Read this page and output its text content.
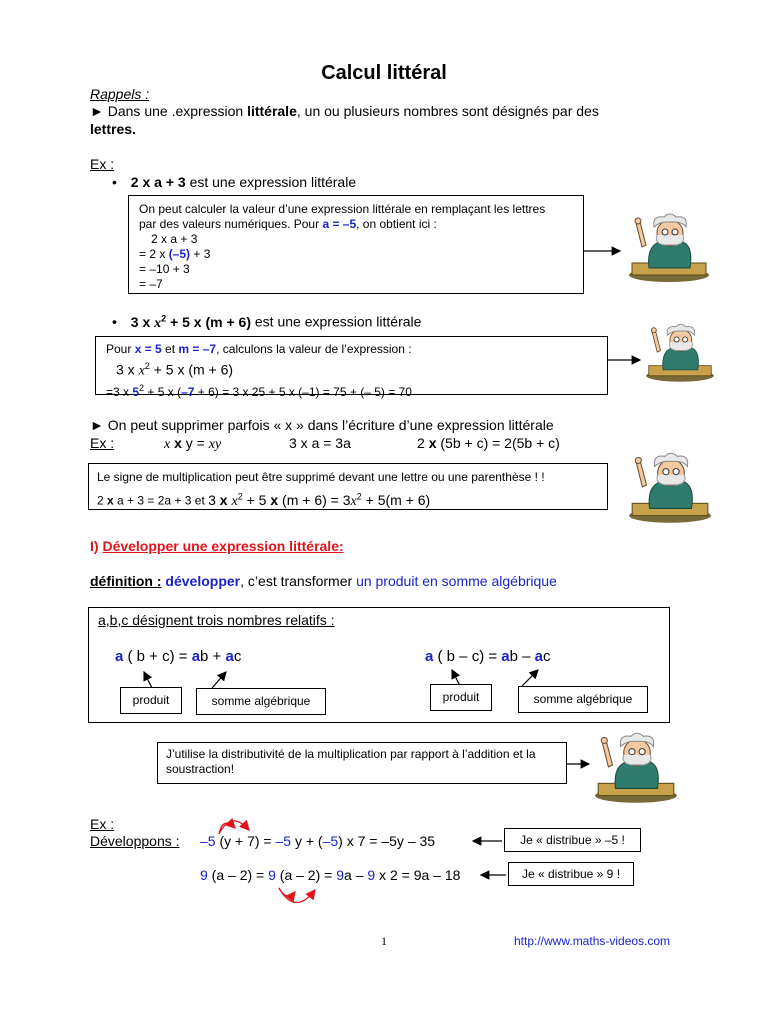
Calcul littéral
Rappels :
► Dans une .expression littérale, un ou plusieurs nombres sont désignés par des
lettres.
Ex :
• 2 x a + 3 est une expression littérale
On peut calculer la valeur d’une expression littérale en remplaçant les lettres
par des valeurs numériques. Pour a = –5, on obtient ici :
2 x a + 3
= 2 x (–5) + 3
= –10 + 3
= –7
• 3 x $x^2 + 5$ x (m + 6) est une expression littérale
Pour x = 5 et m = –7, calculons la valeur de l’expression :
3 x $x^2 + 5$ x (m + 6)
=3 x $5^2 + 5$ x (–7 + 6) = 3 x 25 + 5 x (–1) = 75 + (– 5) = 70
► On peut supprimer parfois « x » dans l’écriture d’une expression littérale
Ex :	x x y = xy	3 x a = 3a	2 x (5b + c) = 2(5b + c)
Le signe de multiplication peut être supprimé devant une lettre ou une parenthèse ! !
2 x a + 3 = 2a + 3 et 3 x $x^2 + 5$ x $(m + 6) = 3x^2 + 5(m + 6)$
I) Développer une expression littérale:
définition : développer, c’est transformer un produit en somme algébrique
a,b,c désignent trois nombres relatifs :
a ( b + c) = ab + ac	a ( b – c) = ab – ac
produit	somme algébrique	produit	somme algébrique
J’utilise la distributivité de la multiplication par rapport à l’addition et la soustraction!
Ex :
Développons : –5 (y + 7) = –5 y + (–5) x 7 = –5y – 35	Je « distribue » –5 !
9 (a – 2) = 9 (a – 2) = 9a – 9 x 2 = 9a – 18	Je « distribue » 9 !
1	http://www.maths-videos.com
